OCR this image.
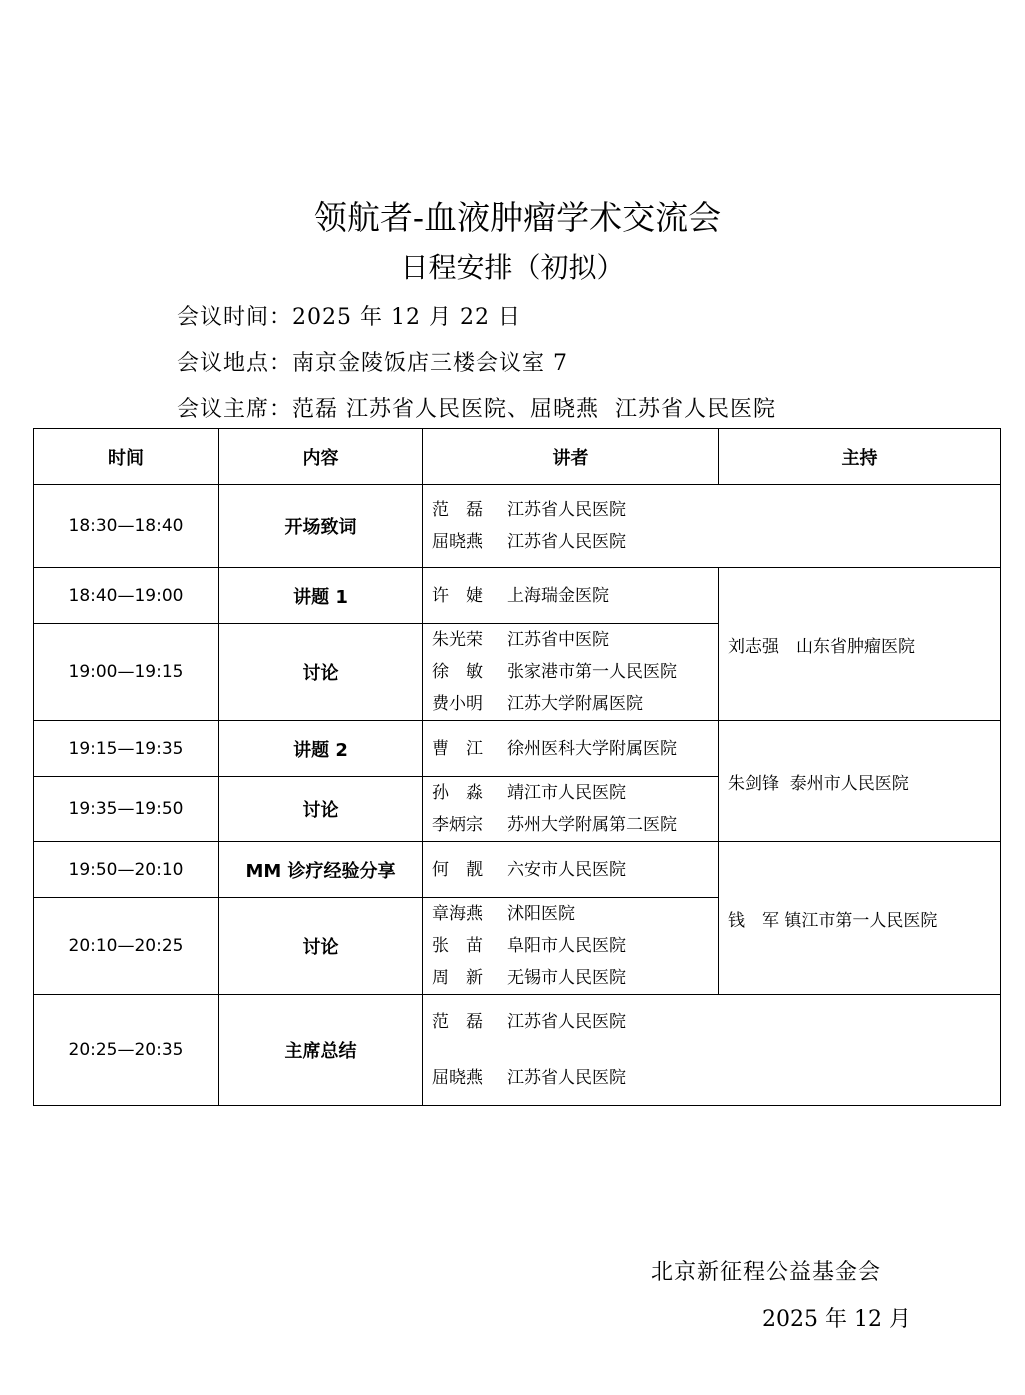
领航者-血液肿瘤学术交流会
日程安排（初拟）
会议时间：2025 年 12 月 22 日
会议地点：南京金陵饭店三楼会议室 7
会议主席：范磊 江苏省人民医院、屈晓燕  江苏省人民医院
时间	内容	讲者	主持
18:30—18:40	开场致词	范　磊 江苏省人民医院
屈晓燕 江苏省人民医院	

18:40—19:00	讲题 1	许　婕 上海瑞金医院	刘志强　山东省肿瘤医院
19:00—19:15	讨论	朱光荣 江苏省中医院
徐　敏 张家港市第一人民医院
费小明 江苏大学附属医院	

19:15—19:35	讲题 2	曹　江 徐州医科大学附属医院	朱剑锋  泰州市人民医院
19:35—19:50	讨论	孙　淼 靖江市人民医院
李炳宗 苏州大学附属第二医院	

19:50—20:10	MM 诊疗经验分享	何　靓 六安市人民医院	钱　军 镇江市第一人民医院
20:10—20:25	讨论	章海燕 沭阳医院
张　苗 阜阳市人民医院
周　新 无锡市人民医院	

20:25—20:35	主席总结	范　磊 江苏省人民医院
屈晓燕 江苏省人民医院	
北京新征程公益基金会
2025 年 12 月
